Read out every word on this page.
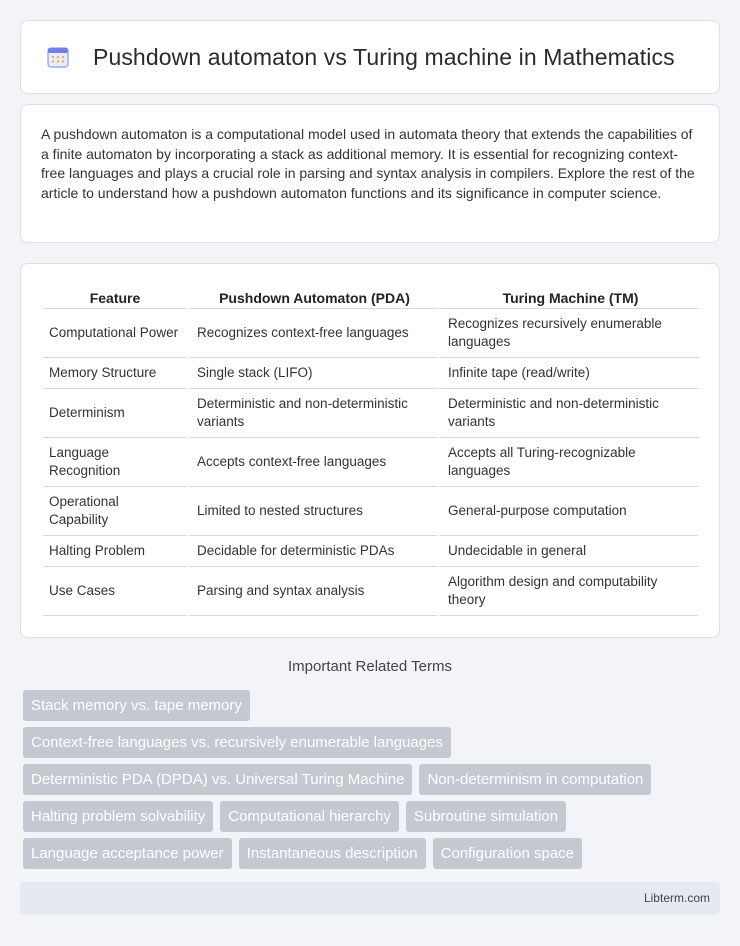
Pushdown automaton vs Turing machine in Mathematics

A pushdown automaton is a computational model used in automata theory that extends the capabilities of a finite automaton by incorporating a stack as additional memory. It is essential for recognizing context-free languages and plays a crucial role in parsing and syntax analysis in compilers. Explore the rest of the article to understand how a pushdown automaton functions and its significance in computer science.

Feature	Pushdown Automaton (PDA)	Turing Machine (TM)
Computational Power	Recognizes context-free languages	Recognizes recursively enumerable languages
Memory Structure	Single stack (LIFO)	Infinite tape (read/write)
Determinism	Deterministic and non-deterministic variants	Deterministic and non-deterministic variants
Language Recognition	Accepts context-free languages	Accepts all Turing-recognizable languages
Operational Capability	Limited to nested structures	General-purpose computation
Halting Problem	Decidable for deterministic PDAs	Undecidable in general
Use Cases	Parsing and syntax analysis	Algorithm design and computability theory
Important Related Terms
Stack memory vs. tape memory
Context-free languages vs. recursively enumerable languages
Deterministic PDA (DPDA) vs. Universal Turing Machine	Non-determinism in computation
Halting problem solvability	Computational hierarchy	Subroutine simulation
Language acceptance power	Instantaneous description	Configuration space
Libterm.com
